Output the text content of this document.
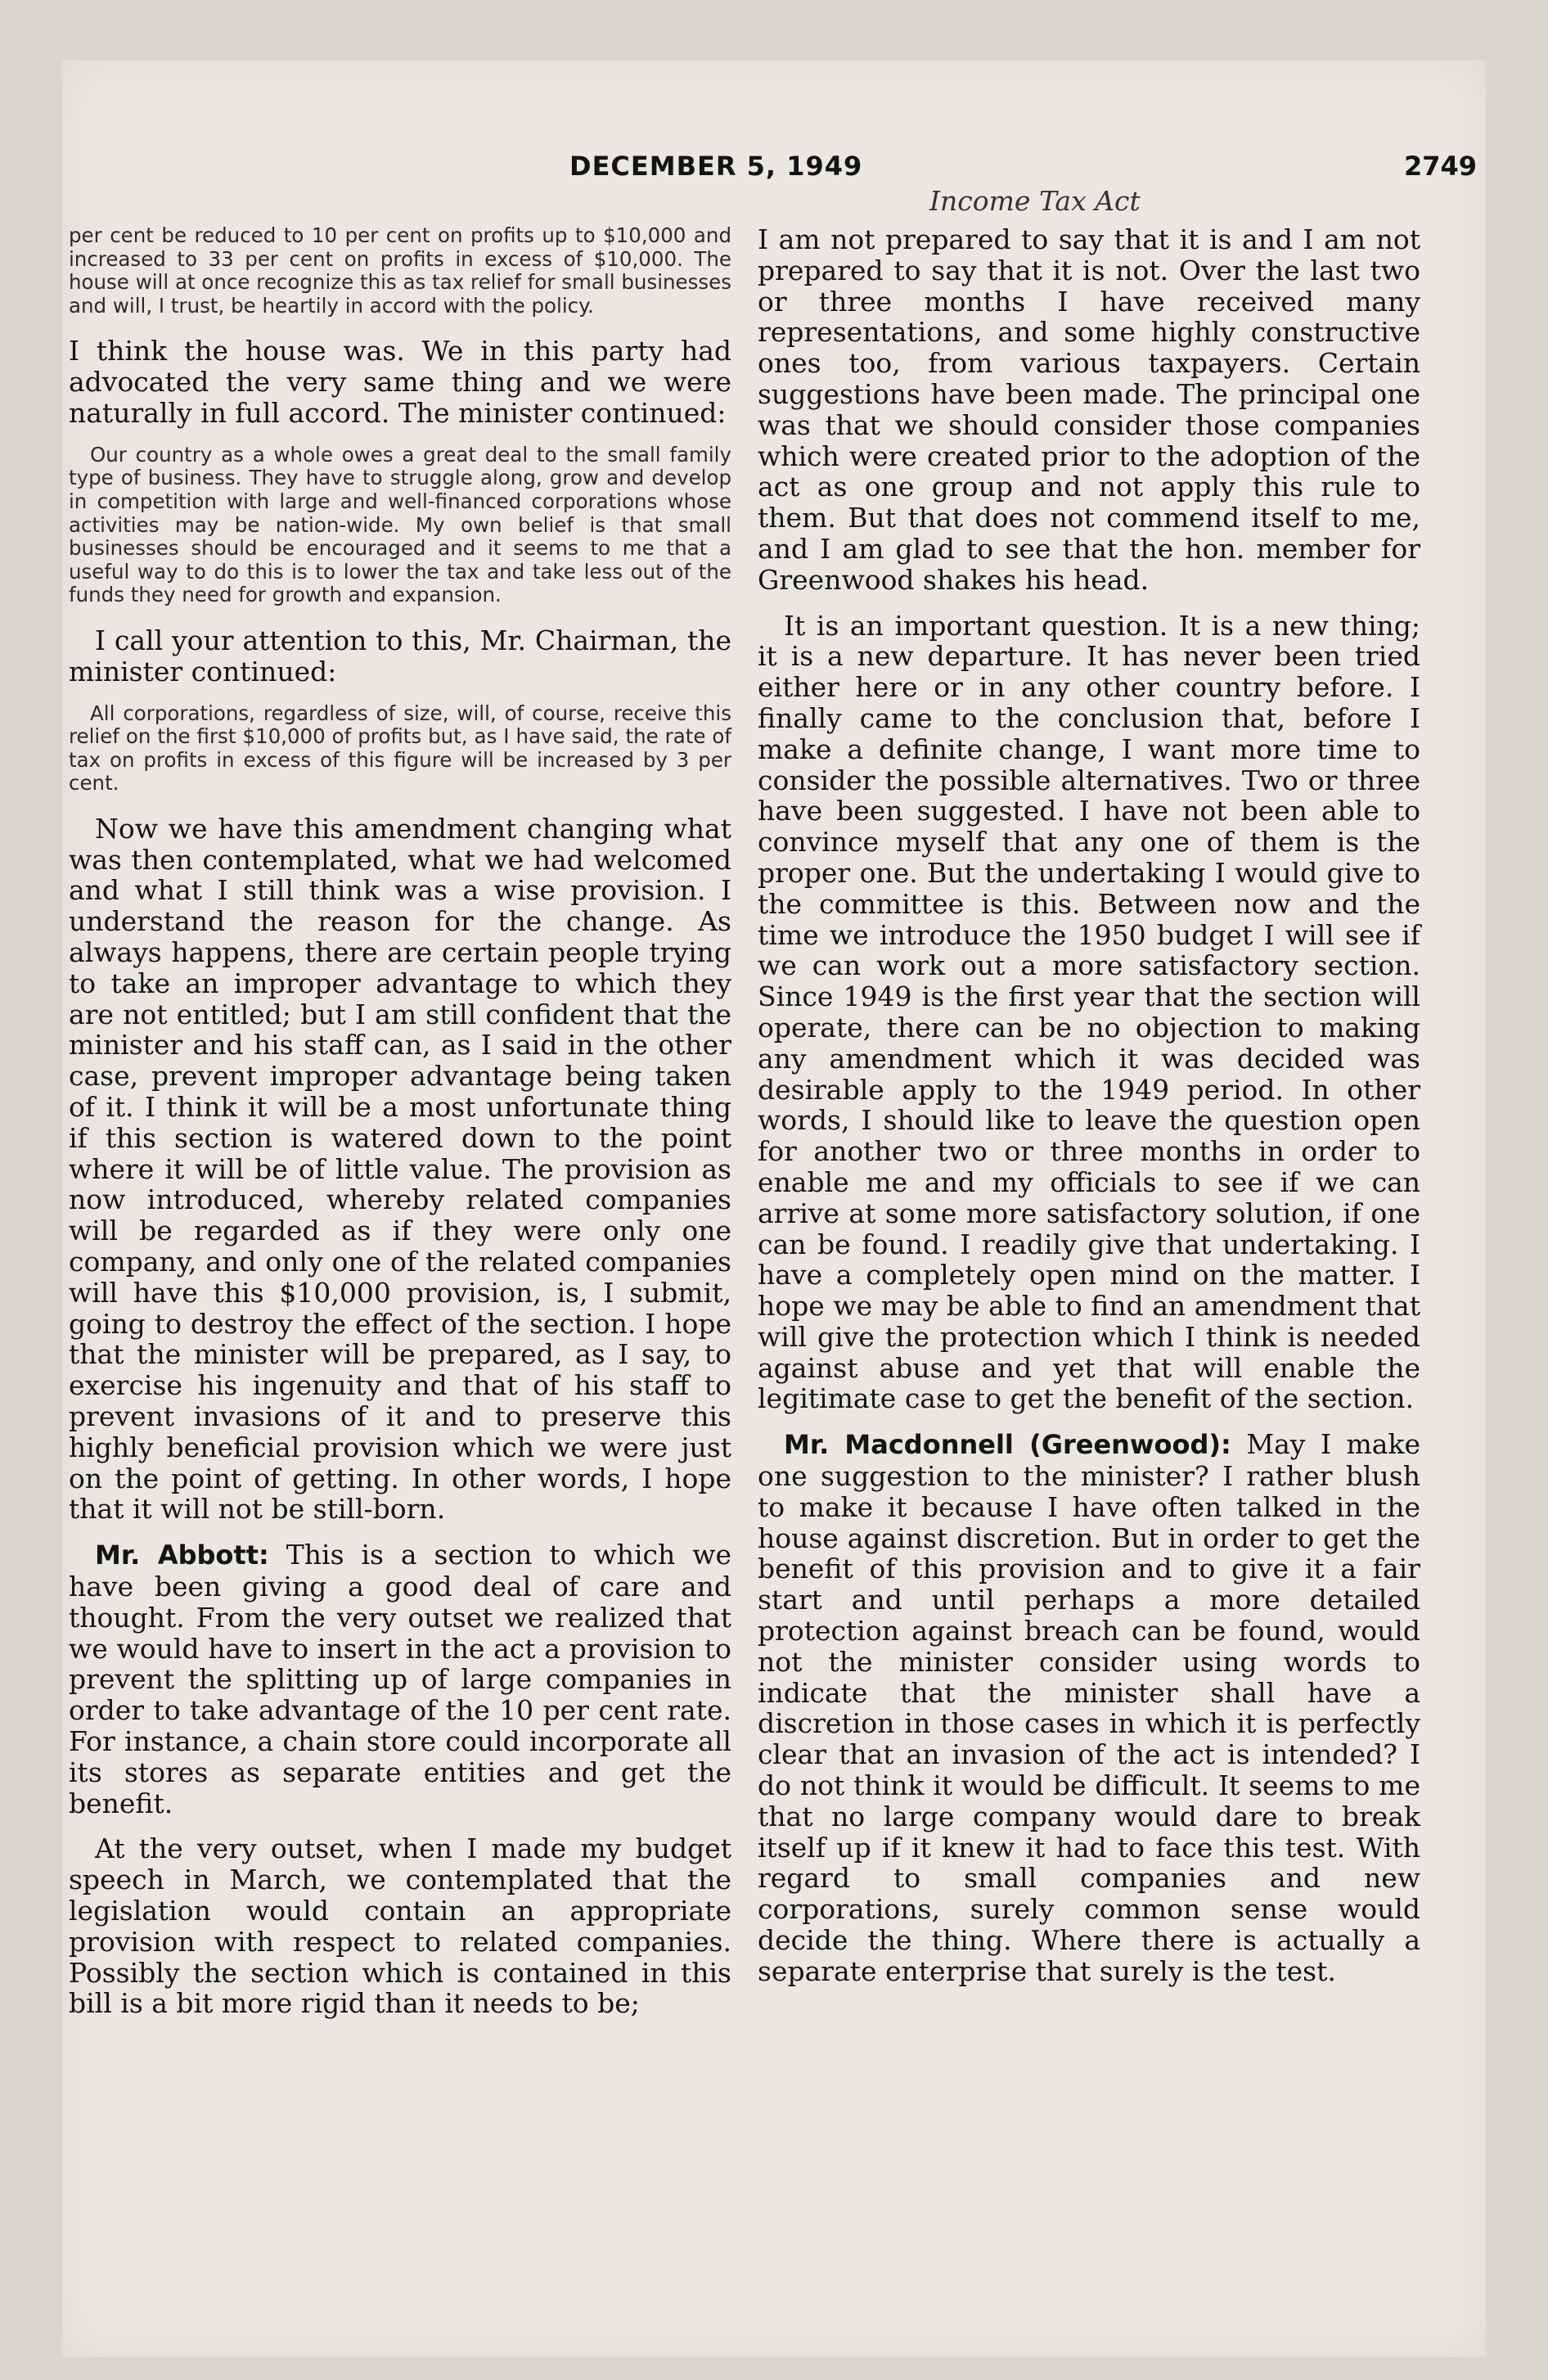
DECEMBER 5, 1949	2749
Income Tax Act

per cent be reduced to 10 per cent on profits up to $10,000 and increased to 33 per cent on profits in excess of $10,000. The house will at once recognize this as tax relief for small businesses and will, I trust, be heartily in accord with the policy.

I think the house was. We in this party had advocated the very same thing and we were naturally in full accord. The minister continued:

Our country as a whole owes a great deal to the small family type of business. They have to struggle along, grow and develop in competition with large and well-financed corporations whose activities may be nation-wide. My own belief is that small businesses should be encouraged and it seems to me that a useful way to do this is to lower the tax and take less out of the funds they need for growth and expansion.

I call your attention to this, Mr. Chairman, the minister continued:

All corporations, regardless of size, will, of course, receive this relief on the first $10,000 of profits but, as I have said, the rate of tax on profits in excess of this figure will be increased by 3 per cent.

Now we have this amendment changing what was then contemplated, what we had welcomed and what I still think was a wise provision. I understand the reason for the change. As always happens, there are certain people trying to take an improper advantage to which they are not entitled; but I am still confident that the minister and his staff can, as I said in the other case, prevent improper advantage being taken of it. I think it will be a most unfortunate thing if this section is watered down to the point where it will be of little value. The provision as now introduced, whereby related companies will be regarded as if they were only one company, and only one of the related companies will have this $10,000 provision, is, I submit, going to destroy the effect of the section. I hope that the minister will be prepared, as I say, to exercise his ingenuity and that of his staff to prevent invasions of it and to preserve this highly beneficial provision which we were just on the point of getting. In other words, I hope that it will not be still-born.

Mr. Abbott: This is a section to which we have been giving a good deal of care and thought. From the very outset we realized that we would have to insert in the act a provision to prevent the splitting up of large companies in order to take advantage of the 10 per cent rate. For instance, a chain store could incorporate all its stores as separate entities and get the benefit.

At the very outset, when I made my budget speech in March, we contemplated that the legislation would contain an appropriate provision with respect to related companies. Possibly the section which is contained in this bill is a bit more rigid than it needs to be;

I am not prepared to say that it is and I am not prepared to say that it is not. Over the last two or three months I have received many representations, and some highly constructive ones too, from various taxpayers. Certain suggestions have been made. The principal one was that we should consider those companies which were created prior to the adoption of the act as one group and not apply this rule to them. But that does not commend itself to me, and I am glad to see that the hon. member for Greenwood shakes his head.

It is an important question. It is a new thing; it is a new departure. It has never been tried either here or in any other country before. I finally came to the conclusion that, before I make a definite change, I want more time to consider the possible alternatives. Two or three have been suggested. I have not been able to convince myself that any one of them is the proper one. But the undertaking I would give to the committee is this. Between now and the time we introduce the 1950 budget I will see if we can work out a more satisfactory section. Since 1949 is the first year that the section will operate, there can be no objection to making any amendment which it was decided was desirable apply to the 1949 period. In other words, I should like to leave the question open for another two or three months in order to enable me and my officials to see if we can arrive at some more satisfactory solution, if one can be found. I readily give that undertaking. I have a completely open mind on the matter. I hope we may be able to find an amendment that will give the protection which I think is needed against abuse and yet that will enable the legitimate case to get the benefit of the section.

Mr. Macdonnell (Greenwood): May I make one suggestion to the minister? I rather blush to make it because I have often talked in the house against discretion. But in order to get the benefit of this provision and to give it a fair start and until perhaps a more detailed protection against breach can be found, would not the minister consider using words to indicate that the minister shall have a discretion in those cases in which it is perfectly clear that an invasion of the act is intended? I do not think it would be difficult. It seems to me that no large company would dare to break itself up if it knew it had to face this test. With regard to small companies and new corporations, surely common sense would decide the thing. Where there is actually a separate enterprise that surely is the test.
